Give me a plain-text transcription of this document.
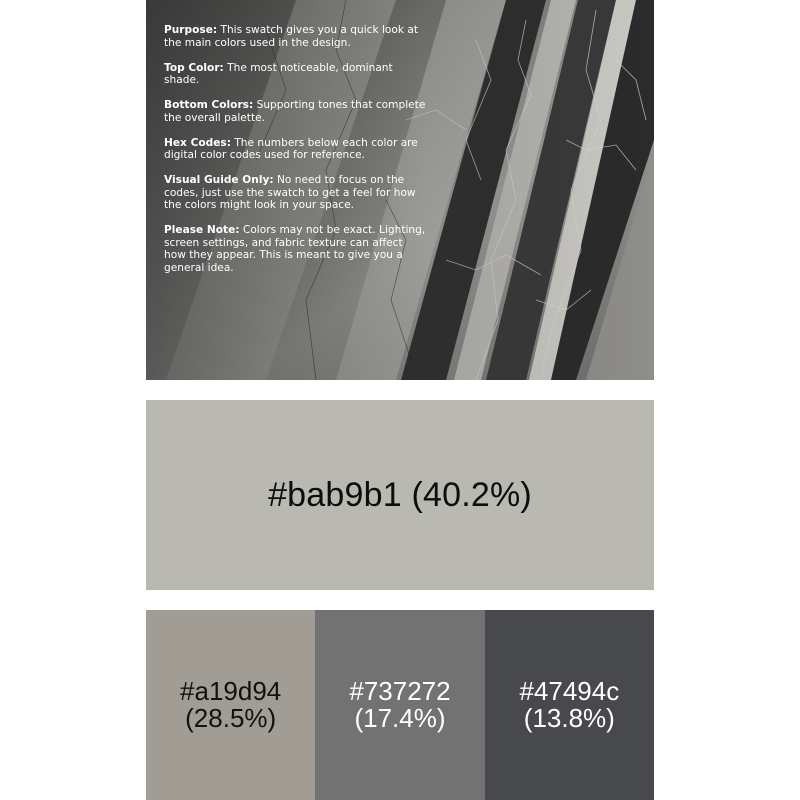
Purpose: This swatch gives you a quick look at the main colors used in the design.

Top Color: The most noticeable, dominant shade.

Bottom Colors: Supporting tones that complete the overall palette.

Hex Codes: The numbers below each color are digital color codes used for reference.

Visual Guide Only: No need to focus on the codes, just use the swatch to get a feel for how the colors might look in your space.

Please Note: Colors may not be exact. Lighting, screen settings, and fabric texture can affect how they appear. This is meant to give you a general idea.

#bab9b1 (40.2%)
#a19d94
(28.5%)
#737272
(17.4%)
#47494c
(13.8%)
